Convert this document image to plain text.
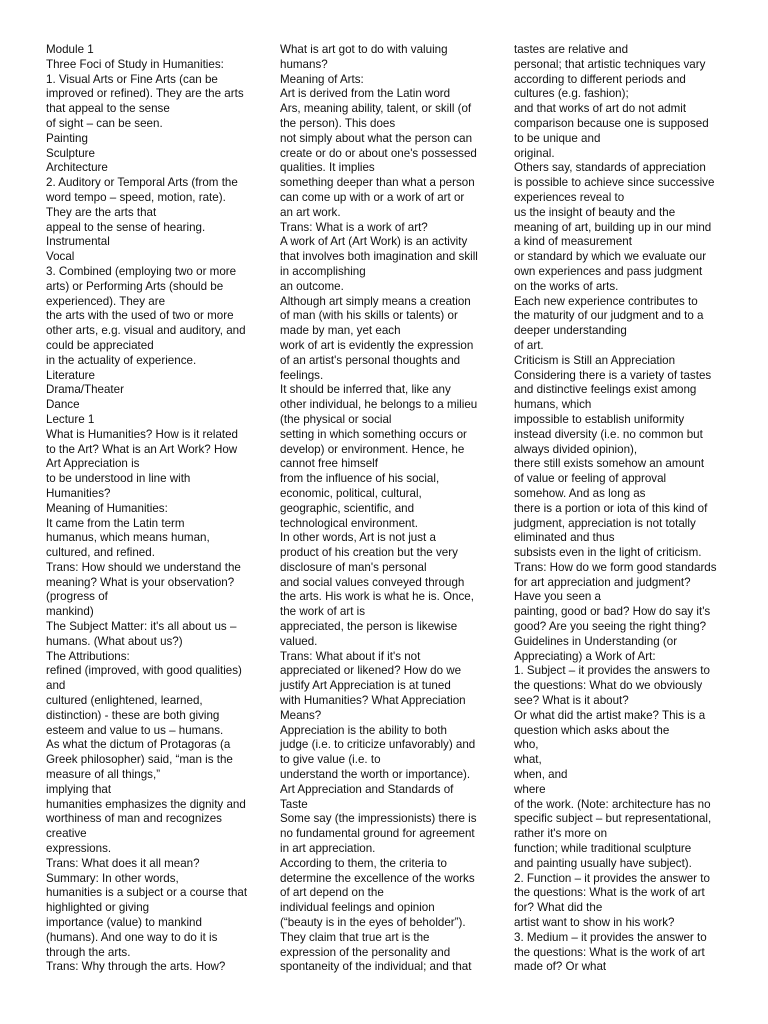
Module 1
Three Foci of Study in Humanities:
1. Visual Arts or Fine Arts (can be
improved or refined). They are the arts
that appeal to the sense
of sight – can be seen.
Painting
Sculpture
Architecture
2. Auditory or Temporal Arts (from the
word tempo – speed, motion, rate).
They are the arts that
appeal to the sense of hearing.
Instrumental
Vocal
3. Combined (employing two or more
arts) or Performing Arts (should be
experienced). They are
the arts with the used of two or more
other arts, e.g. visual and auditory, and
could be appreciated
in the actuality of experience.
Literature
Drama/Theater
Dance
Lecture 1
What is Humanities? How is it related
to the Art? What is an Art Work? How
Art Appreciation is
to be understood in line with
Humanities?
Meaning of Humanities:
It came from the Latin term
humanus, which means human,
cultured, and refined.
Trans: How should we understand the
meaning? What is your observation?
(progress of
mankind)
The Subject Matter: it's all about us –
humans. (What about us?)
The Attributions:
refined (improved, with good qualities)
and
cultured (enlightened, learned,
distinction) - these are both giving
esteem and value to us – humans.
As what the dictum of Protagoras (a
Greek philosopher) said, “man is the
measure of all things,”
implying that
humanities emphasizes the dignity and
worthiness of man and recognizes
creative
expressions.
Trans: What does it all mean?
Summary: In other words,
humanities is a subject or a course that
highlighted or giving
importance (value) to mankind
(humans). And one way to do it is
through the arts.
Trans: Why through the arts. How?
What is art got to do with valuing
humans?
Meaning of Arts:
Art is derived from the Latin word
Ars, meaning ability, talent, or skill (of
the person). This does
not simply about what the person can
create or do or about one's possessed
qualities. It implies
something deeper than what a person
can come up with or a work of art or
an art work.
Trans: What is a work of art?
A work of Art (Art Work) is an activity
that involves both imagination and skill
in accomplishing
an outcome.
Although art simply means a creation
of man (with his skills or talents) or
made by man, yet each
work of art is evidently the expression
of an artist's personal thoughts and
feelings.
It should be inferred that, like any
other individual, he belongs to a milieu
(the physical or social
setting in which something occurs or
develop) or environment. Hence, he
cannot free himself
from the influence of his social,
economic, political, cultural,
geographic, scientific, and
technological environment.
In other words, Art is not just a
product of his creation but the very
disclosure of man's personal
and social values conveyed through
the arts. His work is what he is. Once,
the work of art is
appreciated, the person is likewise
valued.
Trans: What about if it's not
appreciated or likened? How do we
justify Art Appreciation is at tuned
with Humanities? What Appreciation
Means?
Appreciation is the ability to both
judge (i.e. to criticize unfavorably) and
to give value (i.e. to
understand the worth or importance).
Art Appreciation and Standards of
Taste
Some say (the impressionists) there is
no fundamental ground for agreement
in art appreciation.
According to them, the criteria to
determine the excellence of the works
of art depend on the
individual feelings and opinion
(“beauty is in the eyes of beholder”).
They claim that true art is the
expression of the personality and
spontaneity of the individual; and that
tastes are relative and
personal; that artistic techniques vary
according to different periods and
cultures (e.g. fashion);
and that works of art do not admit
comparison because one is supposed
to be unique and
original.
Others say, standards of appreciation
is possible to achieve since successive
experiences reveal to
us the insight of beauty and the
meaning of art, building up in our mind
a kind of measurement
or standard by which we evaluate our
own experiences and pass judgment
on the works of arts.
Each new experience contributes to
the maturity of our judgment and to a
deeper understanding
of art.
Criticism is Still an Appreciation
Considering there is a variety of tastes
and distinctive feelings exist among
humans, which
impossible to establish uniformity
instead diversity (i.e. no common but
always divided opinion),
there still exists somehow an amount
of value or feeling of approval
somehow. And as long as
there is a portion or iota of this kind of
judgment, appreciation is not totally
eliminated and thus
subsists even in the light of criticism.
Trans: How do we form good standards
for art appreciation and judgment?
Have you seen a
painting, good or bad? How do say it's
good? Are you seeing the right thing?
Guidelines in Understanding (or
Appreciating) a Work of Art:
1. Subject – it provides the answers to
the questions: What do we obviously
see? What is it about?
Or what did the artist make? This is a
question which asks about the
who,
what,
when, and
where
of the work. (Note: architecture has no
specific subject – but representational,
rather it's more on
function; while traditional sculpture
and painting usually have subject).
2. Function – it provides the answer to
the questions: What is the work of art
for? What did the
artist want to show in his work?
3. Medium – it provides the answer to
the questions: What is the work of art
made of? Or what
